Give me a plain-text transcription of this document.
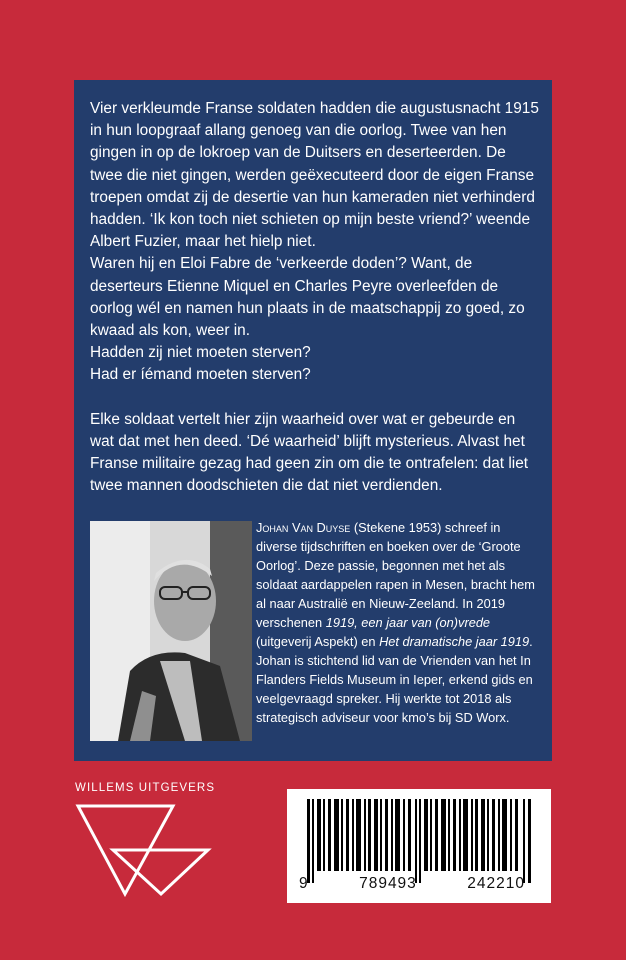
Vier verkleumde Franse soldaten hadden die augustusnacht 1915 in hun loopgraaf allang genoeg van die oorlog. Twee van hen gingen in op de lokroep van de Duitsers en deserteerden. De twee die niet gingen, werden geëxecuteerd door de eigen Franse troepen omdat zij de desertie van hun kameraden niet verhinderd hadden. ‘Ik kon toch niet schieten op mijn beste vriend?’ weende Albert Fuzier, maar het hielp niet.

Waren hij en Eloi Fabre de ‘verkeerde doden’? Want, de deserteurs Etienne Miquel en Charles Peyre overleefden de oorlog wél en namen hun plaats in de maatschappij zo goed, zo kwaad als kon, weer in.

Hadden zij niet moeten sterven?

Had er íémand moeten sterven?

Elke soldaat vertelt hier zijn waarheid over wat er gebeurde en wat dat met hen deed. ‘Dé waarheid’ blijft mysterieus. Alvast het Franse militaire gezag had geen zin om die te ontrafelen: dat liet twee mannen doodschieten die dat niet verdienden.

Johan Van Duyse (Stekene 1953) schreef in diverse tijdschriften en boeken over de ‘Groote Oorlog’. Deze passie, begonnen met het als soldaat aardappelen rapen in Mesen, bracht hem al naar Australië en Nieuw-Zeeland. In 2019 verschenen 1919, een jaar van (on)vrede (uitgeverij Aspekt) en Het dramatische jaar 1919. Johan is stichtend lid van de Vrienden van het In Flanders Fields Museum in Ieper, erkend gids en veelgevraagd spreker. Hij werkte tot 2018 als strategisch adviseur voor kmo’s bij SD Worx.
WILLEMS UITGEVERS
9	789493	242210
